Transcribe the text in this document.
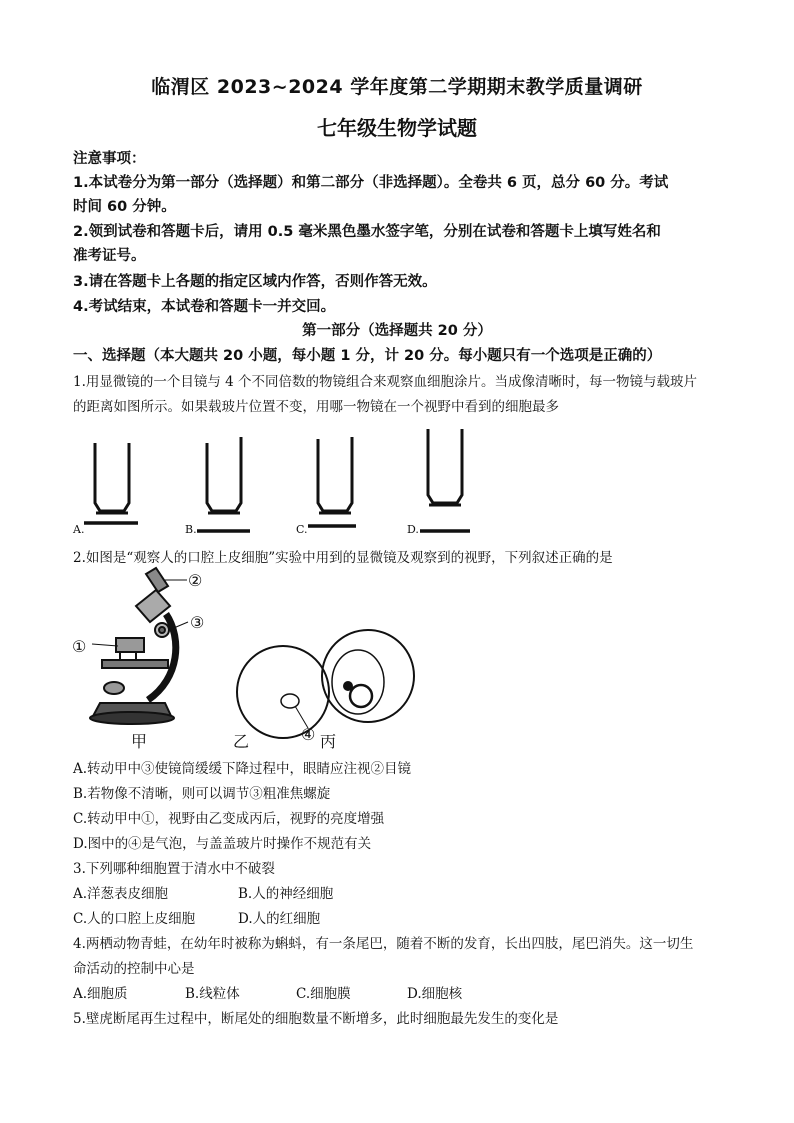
临渭区 2023~2024 学年度第二学期期末教学质量调研
七年级生物学试题
注意事项：
1.本试卷分为第一部分（选择题）和第二部分（非选择题）。全卷共 6 页，总分 60 分。考试
时间 60 分钟。
2.领到试卷和答题卡后，请用 0.5 毫米黑色墨水签字笔，分别在试卷和答题卡上填写姓名和
准考证号。
3.请在答题卡上各题的指定区域内作答，否则作答无效。
4.考试结束，本试卷和答题卡一并交回。
第一部分（选择题共 20 分）
一、选择题（本大题共 20 小题，每小题 1 分，计 20 分。每小题只有一个选项是正确的）
1.用显微镜的一个目镜与 4 个不同倍数的物镜组合来观察血细胞涂片。当成像清晰时，每一物镜与载玻片
的距离如图所示。如果载玻片位置不变，用哪一物镜在一个视野中看到的细胞最多
A.	B.	C.	D.
2.如图是“观察人的口腔上皮细胞”实验中用到的显微镜及观察到的视野，下列叙述正确的是
②
③
①
④
甲	乙	丙
A.转动甲中③使镜筒缓缓下降过程中，眼睛应注视②目镜
B.若物像不清晰，则可以调节③粗准焦螺旋
C.转动甲中①，视野由乙变成丙后，视野的亮度增强
D.图中的④是气泡，与盖盖玻片时操作不规范有关
3.下列哪种细胞置于清水中不破裂
A.洋葱表皮细胞	B.人的神经细胞
C.人的口腔上皮细胞	D.人的红细胞
4.两栖动物青蛙，在幼年时被称为蝌蚪，有一条尾巴，随着不断的发育，长出四肢，尾巴消失。这一切生
命活动的控制中心是
A.细胞质	B.线粒体	C.细胞膜	D.细胞核
5.壁虎断尾再生过程中，断尾处的细胞数量不断增多，此时细胞最先发生的变化是
